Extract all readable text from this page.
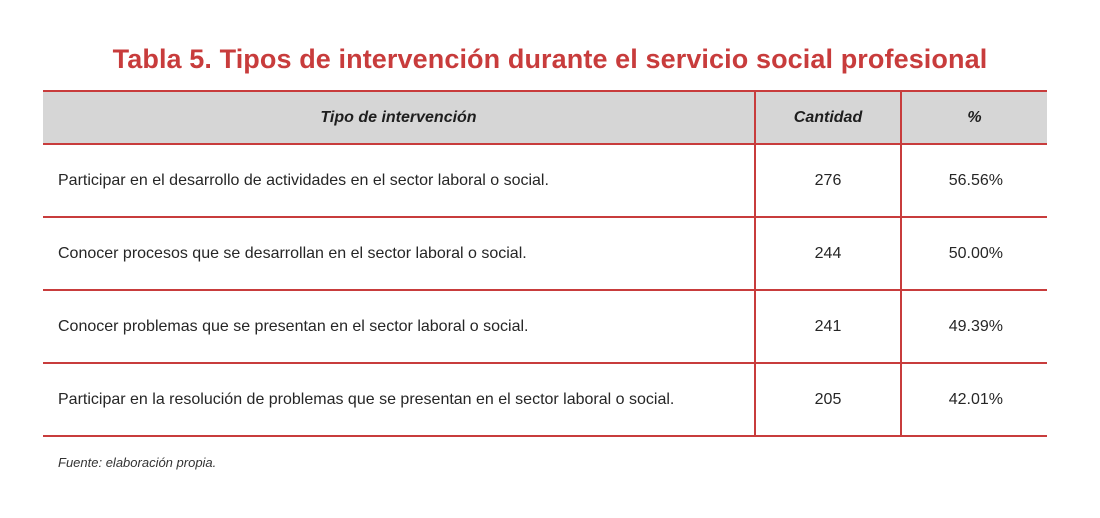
Tabla 5. Tipos de intervención durante el servicio social profesional
Tipo de intervención	Cantidad	%
Participar en el desarrollo de actividades en el sector laboral o social.	276	56.56%
Conocer procesos que se desarrollan en el sector laboral o social.	244	50.00%
Conocer problemas que se presentan en el sector laboral o social.	241	49.39%
Participar en la resolución de problemas que se presentan en el sector laboral o social.	205	42.01%
Fuente: elaboración propia.
